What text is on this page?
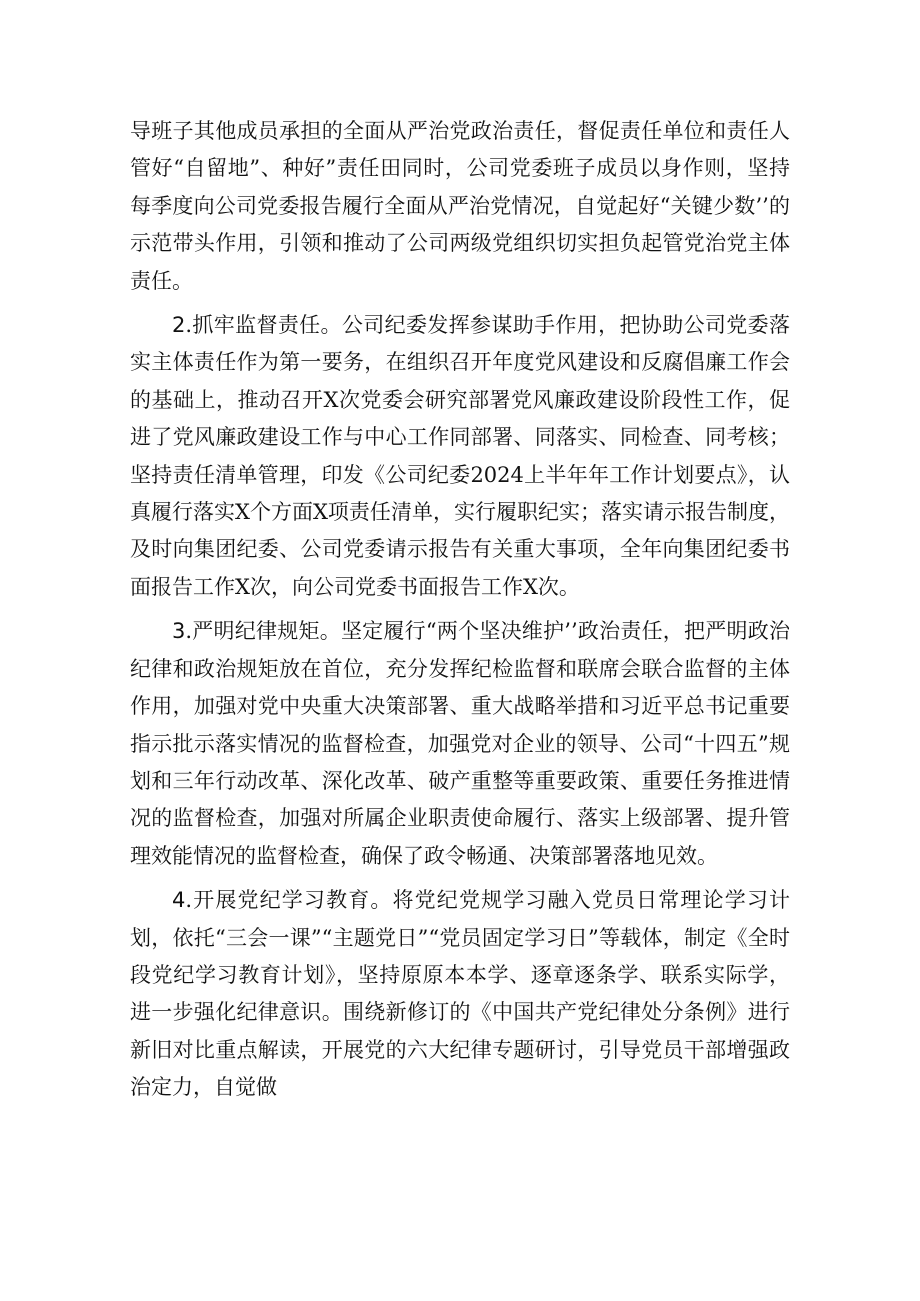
导班子其他成员承担的全面从严治党政治责任，督促责任单位和责任人管好“自留地”、种好”责任田同时，公司党委班子成员以身作则，坚持每季度向公司党委报告履行全面从严治党情况，自觉起好“关键少数’’的示范带头作用，引领和推动了公司两级党组织切实担负起管党治党主体责任。

2.抓牢监督责任。公司纪委发挥参谋助手作用，把协助公司党委落实主体责任作为第一要务，在组织召开年度党风建设和反腐倡廉工作会的基础上，推动召开X次党委会研究部署党风廉政建设阶段性工作，促进了党风廉政建设工作与中心工作同部署、同落实、同检查、同考核；坚持责任清单管理，印发《公司纪委2024上半年年工作计划要点》，认真履行落实X个方面X项责任清单，实行履职纪实；落实请示报告制度，及时向集团纪委、公司党委请示报告有关重大事项，全年向集团纪委书面报告工作X次，向公司党委书面报告工作X次。

3.严明纪律规矩。坚定履行“两个坚决维护’’政治责任，把严明政治纪律和政治规矩放在首位，充分发挥纪检监督和联席会联合监督的主体作用，加强对党中央重大决策部署、重大战略举措和习近平总书记重要指示批示落实情况的监督检查，加强党对企业的领导、公司“十四五”规划和三年行动改革、深化改革、破产重整等重要政策、重要任务推进情况的监督检查，加强对所属企业职责使命履行、落实上级部署、提升管理效能情况的监督检查，确保了政令畅通、决策部署落地见效。

4.开展党纪学习教育。将党纪党规学习融入党员日常理论学习计划，依托“三会一课”“主题党日”“党员固定学习日”等载体，制定《全时段党纪学习教育计划》，坚持原原本本学、逐章逐条学、联系实际学，进一步强化纪律意识。围绕新修订的《中国共产党纪律处分条例》进行新旧对比重点解读，开展党的六大纪律专题研讨，引导党员干部增强政治定力，自觉做
